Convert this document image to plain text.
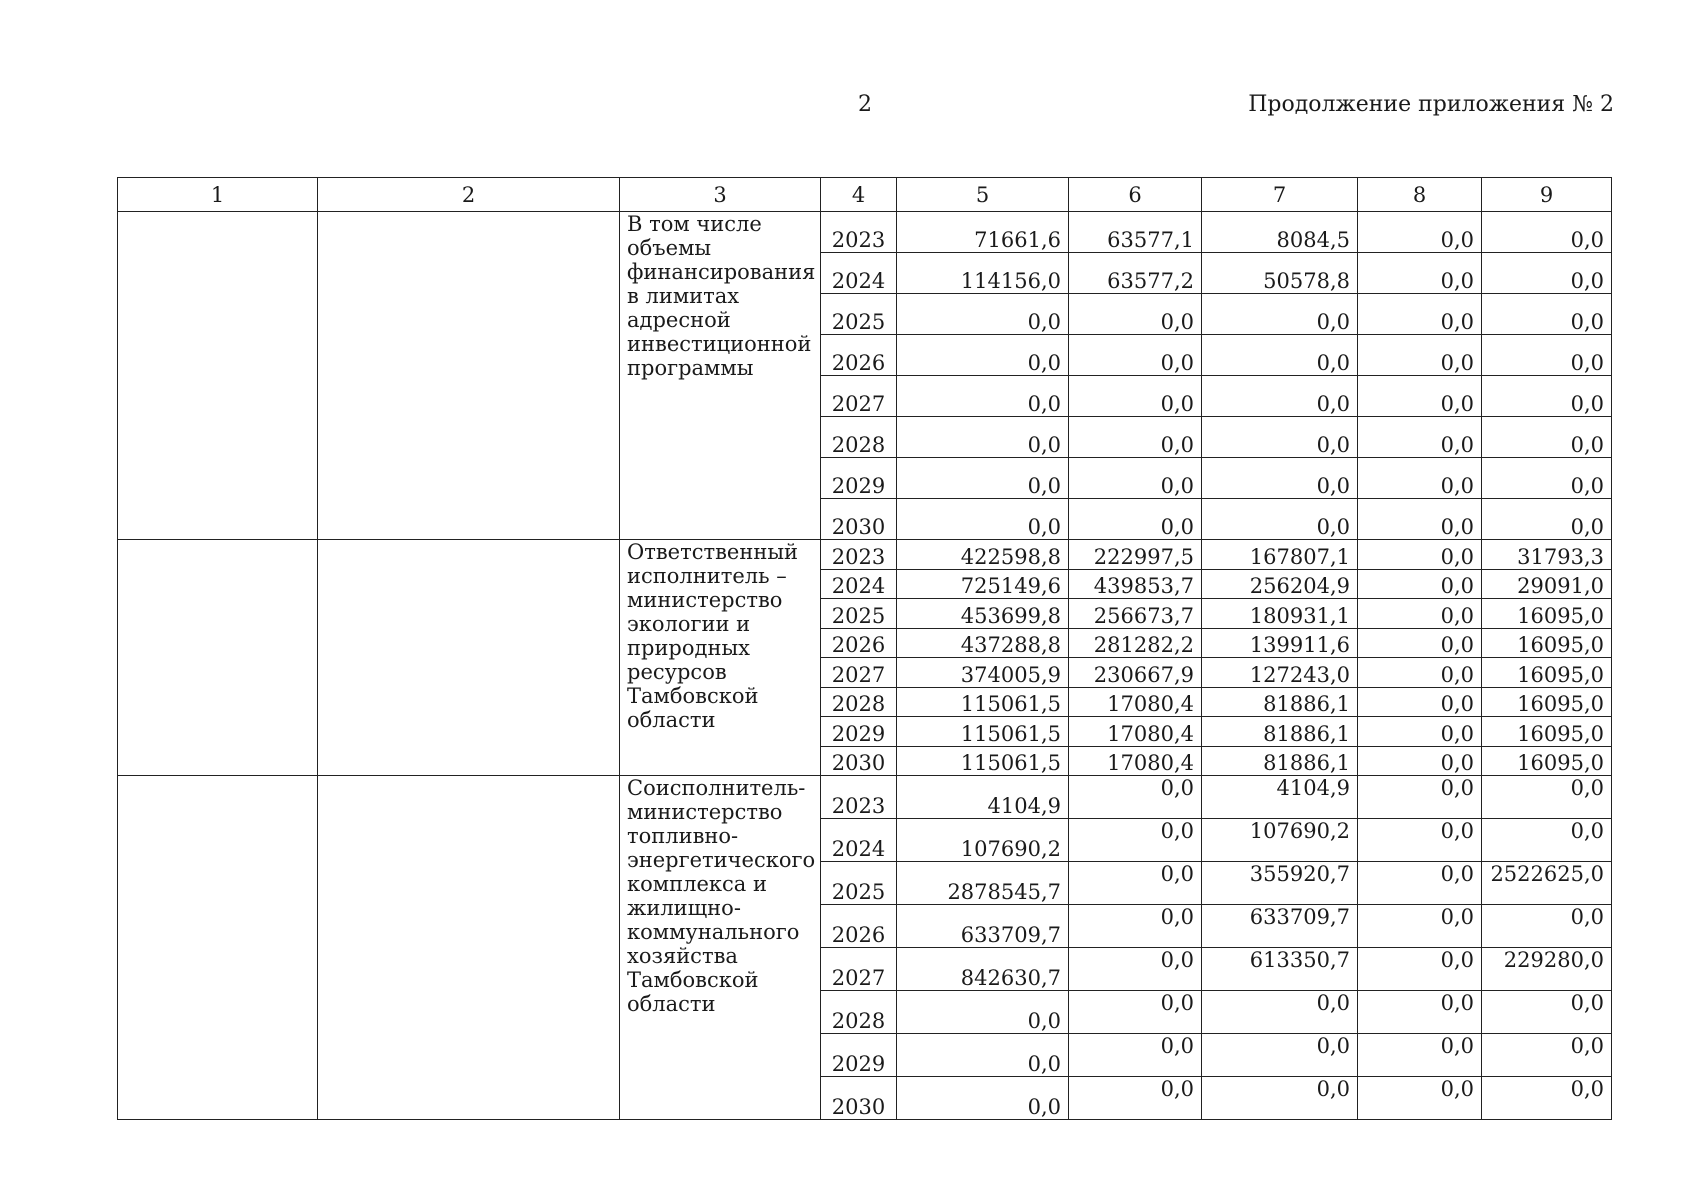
2	Продолжение приложения № 2
1	2	3	4	5	6	7	8	9
		В том числе объемы финансирования в лимитах адресной инвестиционной программы	2023	71661,6	63577,1	8084,5	0,0	0,0
			2024	114156,0	63577,2	50578,8	0,0	0,0
			2025	0,0	0,0	0,0	0,0	0,0
			2026	0,0	0,0	0,0	0,0	0,0
			2027	0,0	0,0	0,0	0,0	0,0
			2028	0,0	0,0	0,0	0,0	0,0
			2029	0,0	0,0	0,0	0,0	0,0
			2030	0,0	0,0	0,0	0,0	0,0
		Ответственный исполнитель – министерство экологии и природных ресурсов Тамбовской области	2023	422598,8	222997,5	167807,1	0,0	31793,3
			2024	725149,6	439853,7	256204,9	0,0	29091,0
			2025	453699,8	256673,7	180931,1	0,0	16095,0
			2026	437288,8	281282,2	139911,6	0,0	16095,0
			2027	374005,9	230667,9	127243,0	0,0	16095,0
			2028	115061,5	17080,4	81886,1	0,0	16095,0
			2029	115061,5	17080,4	81886,1	0,0	16095,0
			2030	115061,5	17080,4	81886,1	0,0	16095,0
		Соисполнитель-министерство топливно-энергетического комплекса и жилищно-коммунального хозяйства Тамбовской области	2023	4104,9	0,0	4104,9	0,0	0,0
			2024	107690,2	0,0	107690,2	0,0	0,0
			2025	2878545,7	0,0	355920,7	0,0	2522625,0
			2026	633709,7	0,0	633709,7	0,0	0,0
			2027	842630,7	0,0	613350,7	0,0	229280,0
			2028	0,0	0,0	0,0	0,0	0,0
			2029	0,0	0,0	0,0	0,0	0,0
			2030	0,0	0,0	0,0	0,0	0,0
